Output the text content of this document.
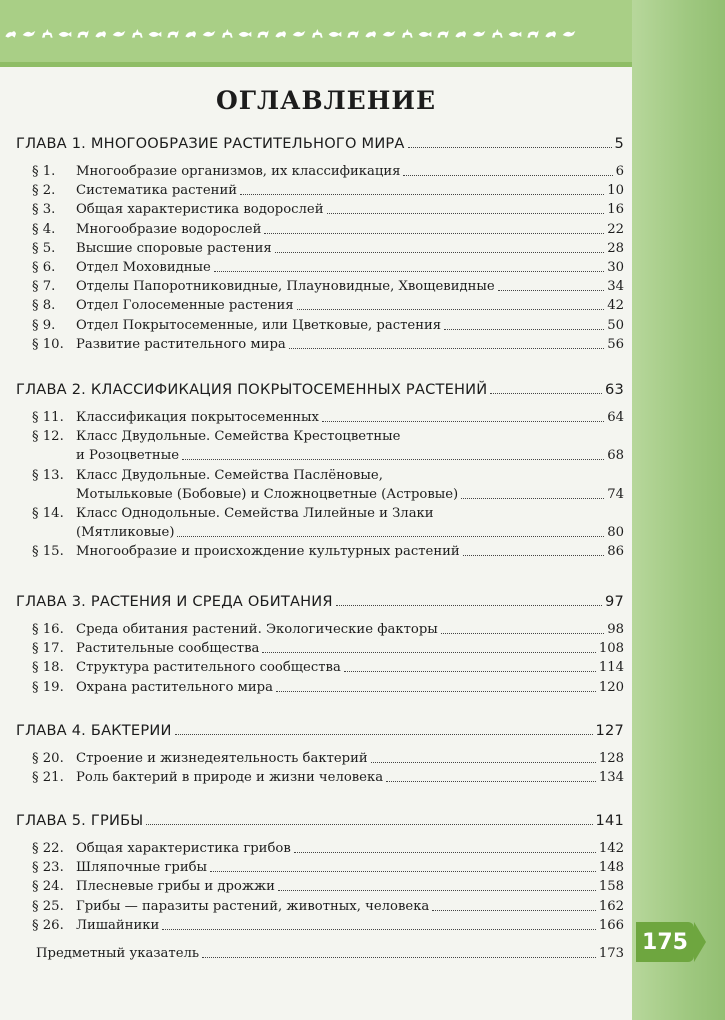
175
ОГЛАВЛЕНИЕ
ГЛАВА 1. МНОГООБРАЗИЕ РАСТИТЕЛЬНОГО МИРА	5
§ 1.	Многообразие организмов, их классификация	6
§ 2.	Систематика растений	10
§ 3.	Общая характеристика водорослей	16
§ 4.	Многообразие водорослей	22
§ 5.	Высшие споровые растения	28
§ 6.	Отдел Моховидные	30
§ 7.	Отделы Папоротниковидные, Плауновидные, Хвощевидные	34
§ 8.	Отдел Голосеменные растения	42
§ 9.	Отдел Покрытосеменные, или Цветковые, растения	50
§ 10. Развитие растительного мира	56
ГЛАВА 2. КЛАССИФИКАЦИЯ ПОКРЫТОСЕМЕННЫХ РАСТЕНИЙ	63
§ 11. Классификация покрытосеменных	64
§ 12. Класс Двудольные. Семейства Крестоцветные
и Розоцветные	68
§ 13. Класс Двудольные. Семейства Паслёновые,
Мотыльковые (Бобовые) и Сложноцветные (Астровые)	74
§ 14. Класс Однодольные. Семейства Лилейные и Злаки
(Мятликовые)	80
§ 15. Многообразие и происхождение культурных растений	86
ГЛАВА 3. РАСТЕНИЯ И СРЕДА ОБИТАНИЯ	97
§ 16. Среда обитания растений. Экологические факторы	98
§ 17. Растительные сообщества	108
§ 18. Структура растительного сообщества	114
§ 19. Охрана растительного мира	120
ГЛАВА 4. БАКТЕРИИ	127
§ 20. Строение и жизнедеятельность бактерий	128
§ 21. Роль бактерий в природе и жизни человека	134
ГЛАВА 5. ГРИБЫ	141
§ 22. Общая характеристика грибов	142
§ 23. Шляпочные грибы	148
§ 24. Плесневые грибы и дрожжи	158
§ 25. Грибы — паразиты растений, животных, человека	162
§ 26. Лишайники	166
Предметный указатель	173
